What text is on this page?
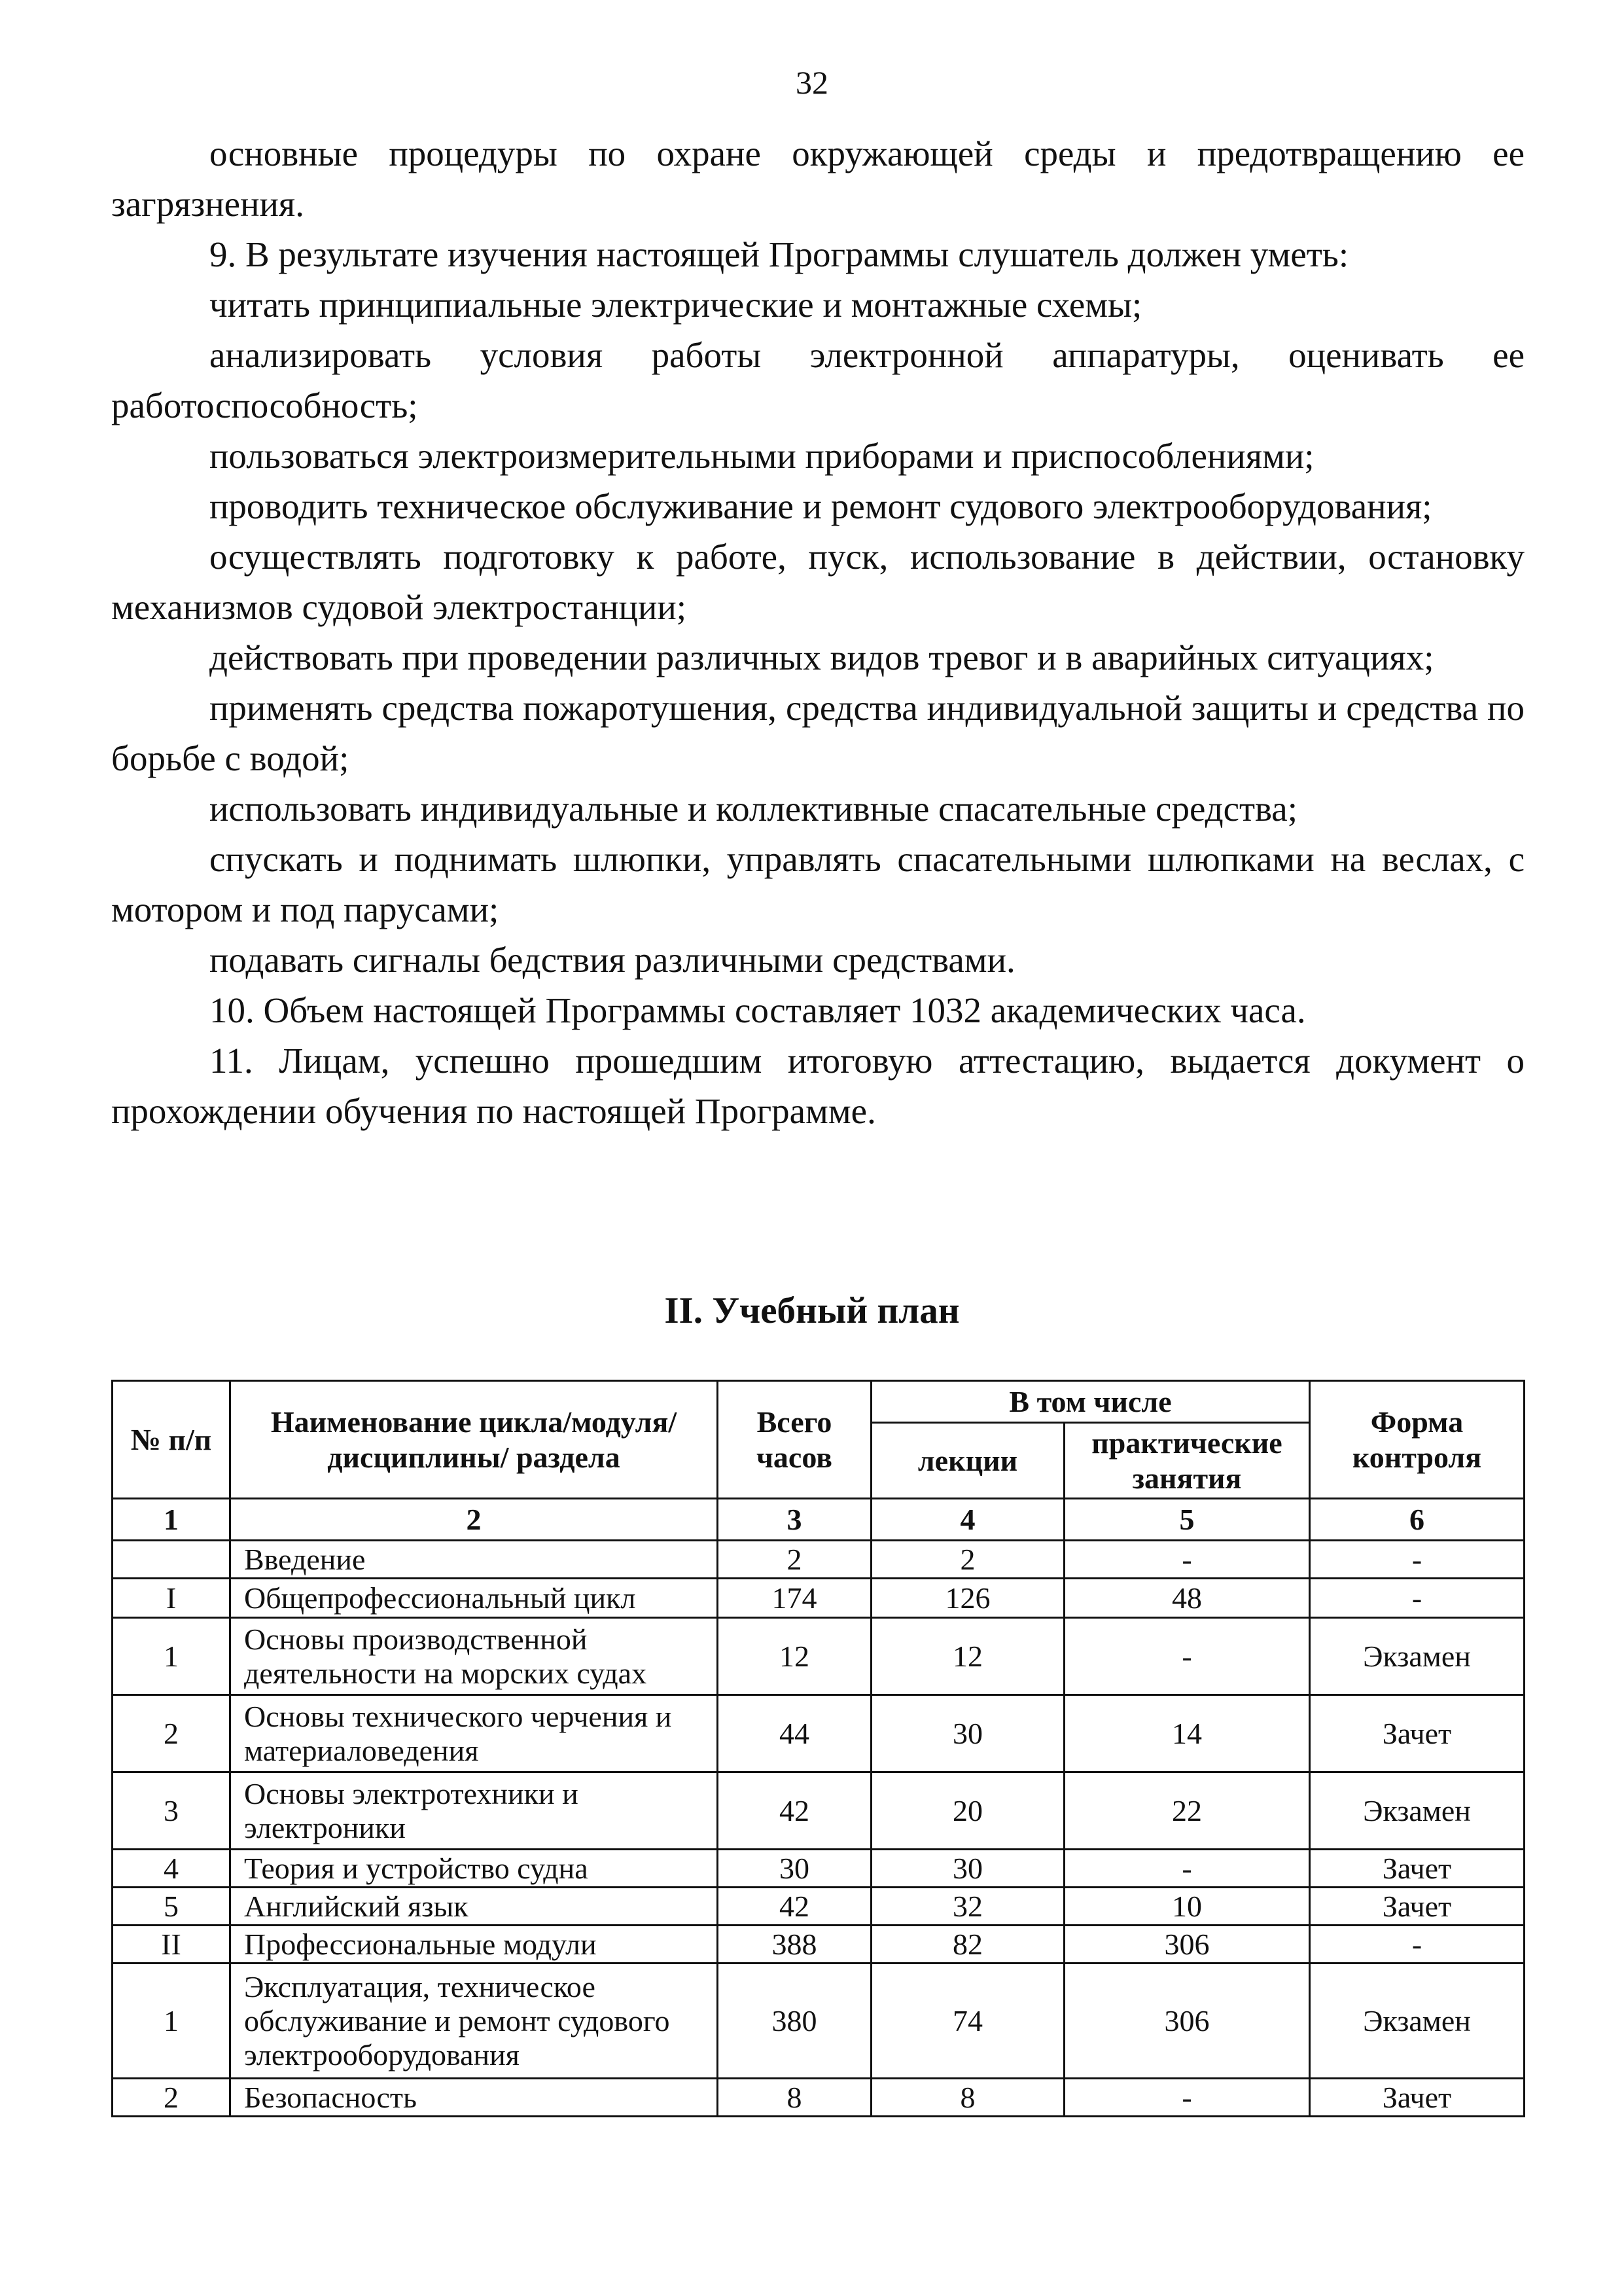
32

основные процедуры по охране окружающей среды и предотвращению ее загрязнения.

9. В результате изучения настоящей Программы слушатель должен уметь:

читать принципиальные электрические и монтажные схемы;

анализировать условия работы электронной аппаратуры, оценивать ее работоспособность;

пользоваться электроизмерительными приборами и приспособлениями;

проводить техническое обслуживание и ремонт судового электрооборудования;

осуществлять подготовку к работе, пуск, использование в действии, остановку механизмов судовой электростанции;

действовать при проведении различных видов тревог и в аварийных ситуациях;

применять средства пожаротушения, средства индивидуальной защиты и средства по борьбе с водой;

использовать индивидуальные и коллективные спасательные средства;

спускать и поднимать шлюпки, управлять спасательными шлюпками на веслах, с мотором и под парусами;

подавать сигналы бедствия различными средствами.

10. Объем настоящей Программы составляет 1032 академических часа.

11. Лицам, успешно прошедшим итоговую аттестацию, выдается документ о прохождении обучения по настоящей Программе.

II. Учебный план
№ п/п	Наименование цикла/модуля/дисциплины/ раздела	Всего часов	В том числе		Форма контроля
			лекции	практические занятия	
1	2	3	4	5	6
	Введение	2	2	-	-
I	Общепрофессиональный цикл	174	126	48	-
1	Основы производственной деятельности на морских судах	12	12	-	Экзамен
2	Основы технического черчения и материаловедения	44	30	14	Зачет
3	Основы электротехники и электроники	42	20	22	Экзамен
4	Теория и устройство судна	30	30	-	Зачет
5	Английский язык	42	32	10	Зачет
II	Профессиональные модули	388	82	306	-
1	Эксплуатация, техническое обслуживание и ремонт судового электрооборудования	380	74	306	Экзамен
2	Безопасность	8	8	-	Зачет
